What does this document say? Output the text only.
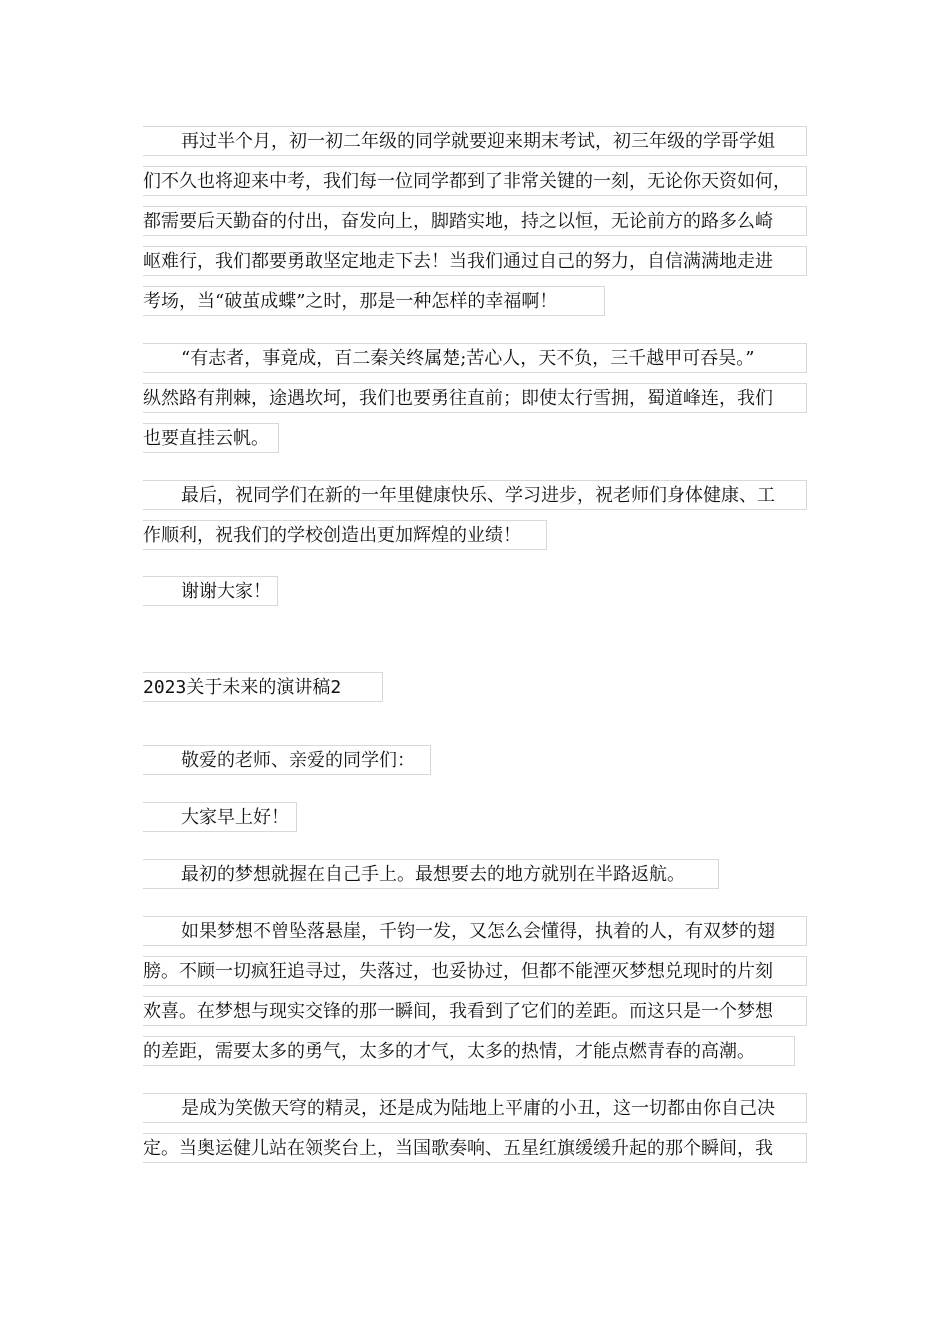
再过半个月，初一初二年级的同学就要迎来期末考试，初三年级的学哥学姐
们不久也将迎来中考，我们每一位同学都到了非常关键的一刻，无论你天资如何，
都需要后天勤奋的付出，奋发向上，脚踏实地，持之以恒，无论前方的路多么崎
岖难行，我们都要勇敢坚定地走下去！当我们通过自己的努力，自信满满地走进
考场，当“破茧成蝶”之时，那是一种怎样的幸福啊！
“有志者，事竟成，百二秦关终属楚;苦心人，天不负，三千越甲可吞吴。”
纵然路有荆棘，途遇坎坷，我们也要勇往直前；即使太行雪拥，蜀道峰连，我们
也要直挂云帆。
最后，祝同学们在新的一年里健康快乐、学习进步，祝老师们身体健康、工
作顺利，祝我们的学校创造出更加辉煌的业绩！
谢谢大家！
2023关于未来的演讲稿2
敬爱的老师、亲爱的同学们：
大家早上好！
最初的梦想就握在自己手上。最想要去的地方就别在半路返航。
如果梦想不曾坠落悬崖，千钧一发，又怎么会懂得，执着的人，有双梦的翅
膀。不顾一切疯狂追寻过，失落过，也妥协过，但都不能湮灭梦想兑现时的片刻
欢喜。在梦想与现实交锋的那一瞬间，我看到了它们的差距。而这只是一个梦想
的差距，需要太多的勇气，太多的才气，太多的热情，才能点燃青春的高潮。
是成为笑傲天穹的精灵，还是成为陆地上平庸的小丑，这一切都由你自己决
定。当奥运健儿站在领奖台上，当国歌奏响、五星红旗缓缓升起的那个瞬间，我
